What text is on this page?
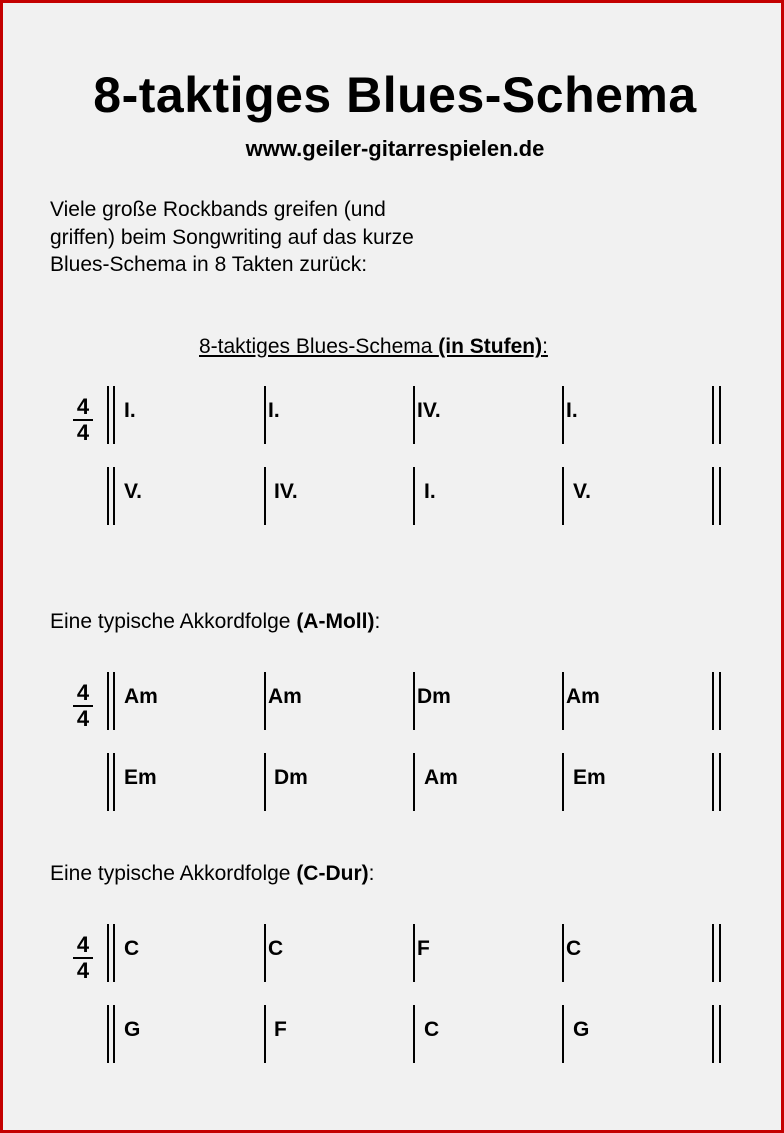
8-taktiges Blues-Schema
www.geiler-gitarrespielen.de
Viele große Rockbands greifen (und
griffen) beim Songwriting auf das kurze
Blues-Schema in 8 Takten zurück:
8-taktiges Blues-Schema (in Stufen):
$\frac{4}{4} I$.	I.	IV.	I.
V.	IV.	I.	V.
Eine typische Akkordfolge (A-Moll):
$\frac{4}{4}$ Am	Am	Dm	Am
Em	Dm	Am	Em
Eine typische Akkordfolge (C-Dur):
$\frac{4}{4}$ C	C	F	C
G	F	C	G
